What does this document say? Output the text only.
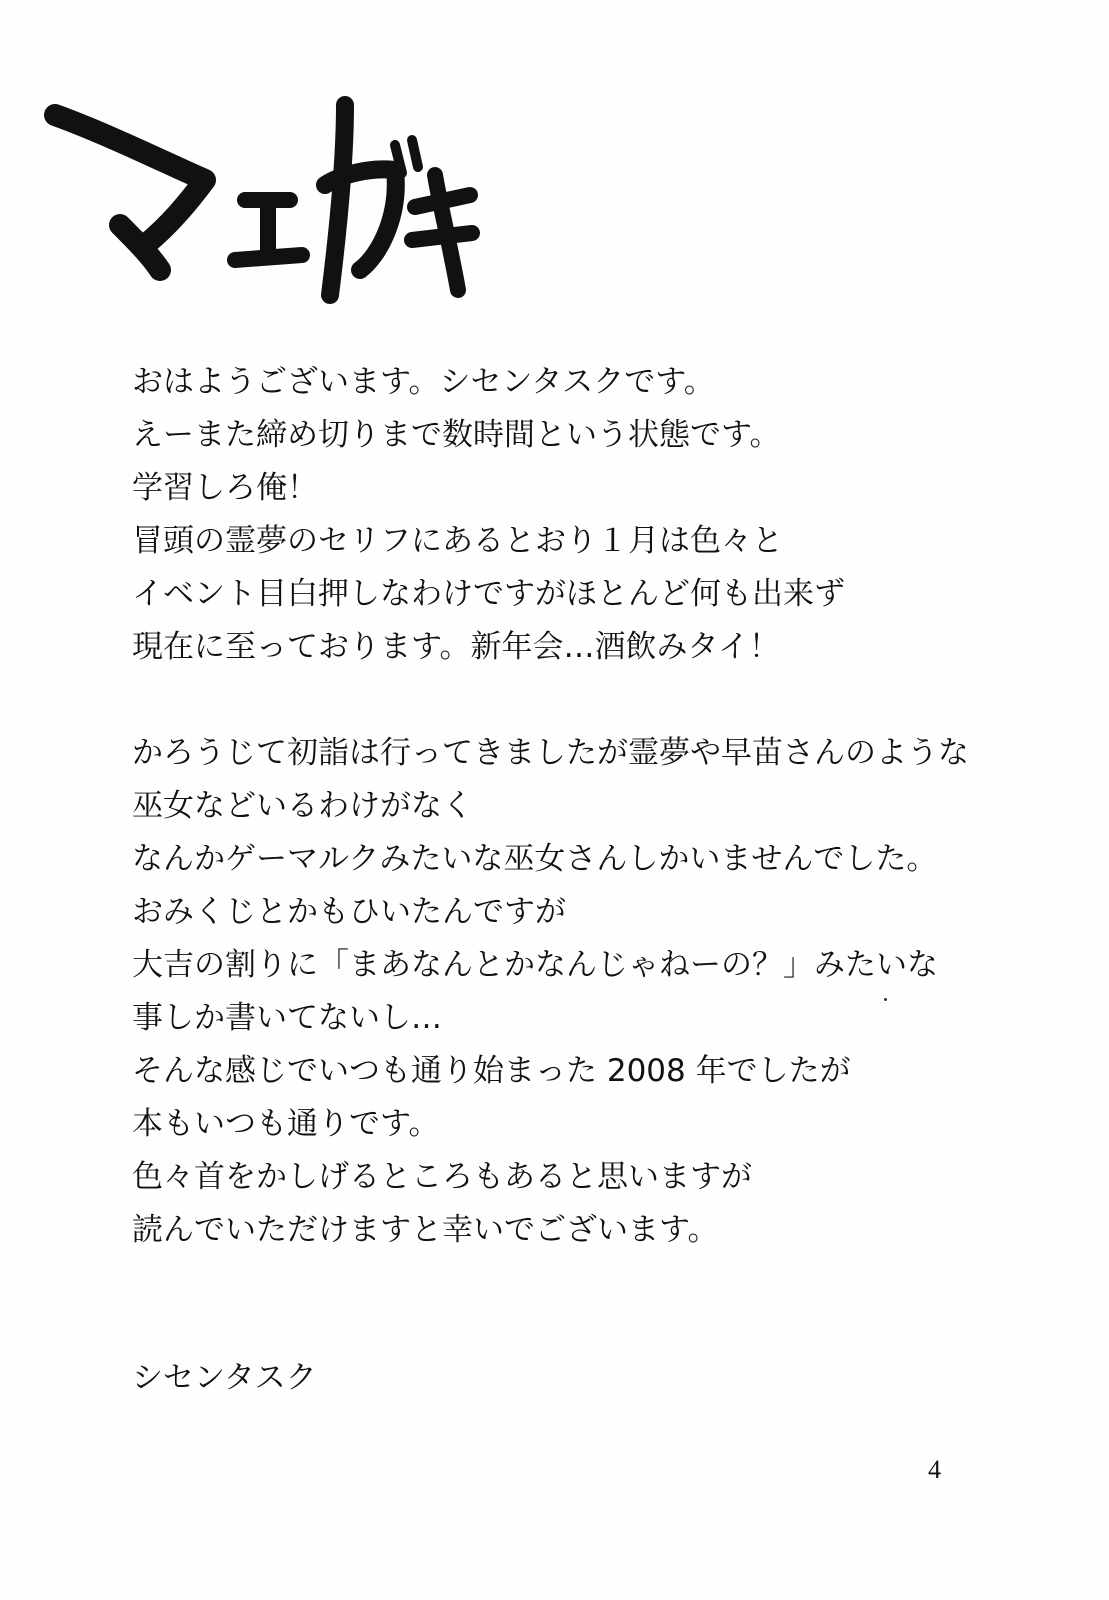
おはようございます。シセンタスクです。
えーまた締め切りまで数時間という状態です。
学習しろ俺！
冒頭の霊夢のセリフにあるとおり１月は色々と
イベント目白押しなわけですがほとんど何も出来ず
現在に至っております。新年会…酒飲みタイ！
かろうじて初詣は行ってきましたが霊夢や早苗さんのような
巫女などいるわけがなく
なんかゲーマルクみたいな巫女さんしかいませんでした。
おみくじとかもひいたんですが
大吉の割りに「まあなんとかなんじゃねーの？」みたいな
事しか書いてないし…
そんな感じでいつも通り始まった 2008 年でしたが
本もいつも通りです。
色々首をかしげるところもあると思いますが
読んでいただけますと幸いでございます。
シセンタスク
4
